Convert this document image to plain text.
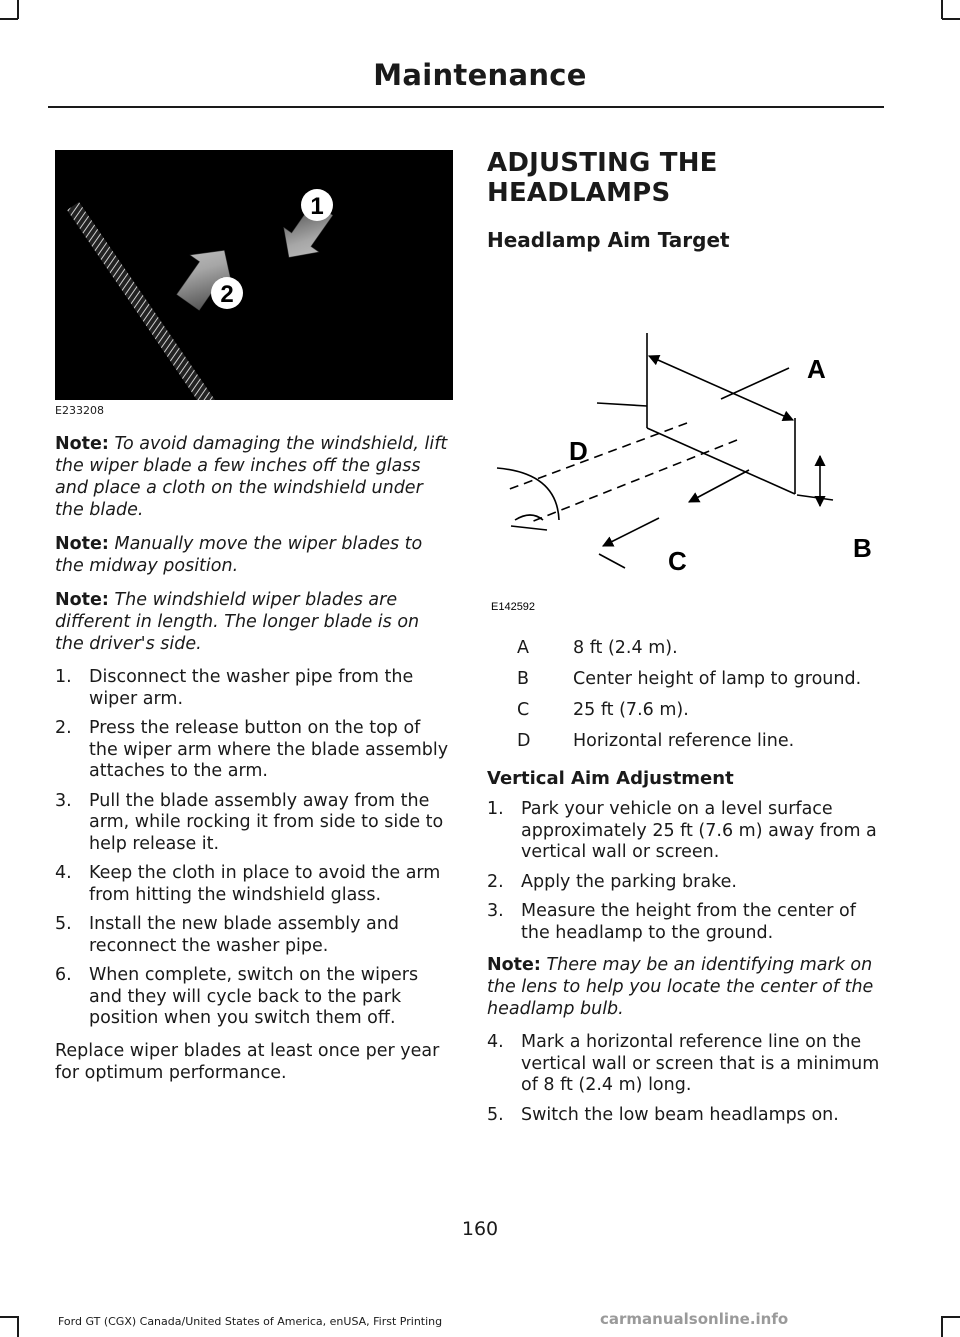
Maintenance
1
2
E233208

Note: To avoid damaging the windshield, lift the wiper blade a few inches off the glass and place a cloth on the windshield under the blade.

Note: Manually move the wiper blades to the midway position.

Note: The windshield wiper blades are different in length. The longer blade is on the driver's side.

1. Disconnect the washer pipe from the wiper arm.
2. Press the release button on the top of the wiper arm where the blade assembly attaches to the arm.
3. Pull the blade assembly away from the arm, while rocking it from side to side to help release it.
4. Keep the cloth in place to avoid the arm from hitting the windshield glass.
5. Install the new blade assembly and reconnect the washer pipe.
6. When complete, switch on the wipers and they will cycle back to the park position when you switch them off.

Replace wiper blades at least once per year for optimum performance.

ADJUSTING THE HEADLAMPS
Headlamp Aim Target
A
B
C
D
E142592
A	8 ft (2.4 m).
B	Center height of lamp to ground.
C	25 ft (7.6 m).
D	Horizontal reference line.
Vertical Aim Adjustment
1. Park your vehicle on a level surface approximately 25 ft (7.6 m) away from a vertical wall or screen.
2. Apply the parking brake.
3. Measure the height from the center of the headlamp to the ground.

Note: There may be an identifying mark on the lens to help you locate the center of the headlamp bulb.

4. Mark a horizontal reference line on the vertical wall or screen that is a minimum of 8 ft (2.4 m) long.
5. Switch the low beam headlamps on.
160
Ford GT (CGX) Canada/United States of America, enUSA, First Printing	carmanualsonline.info
